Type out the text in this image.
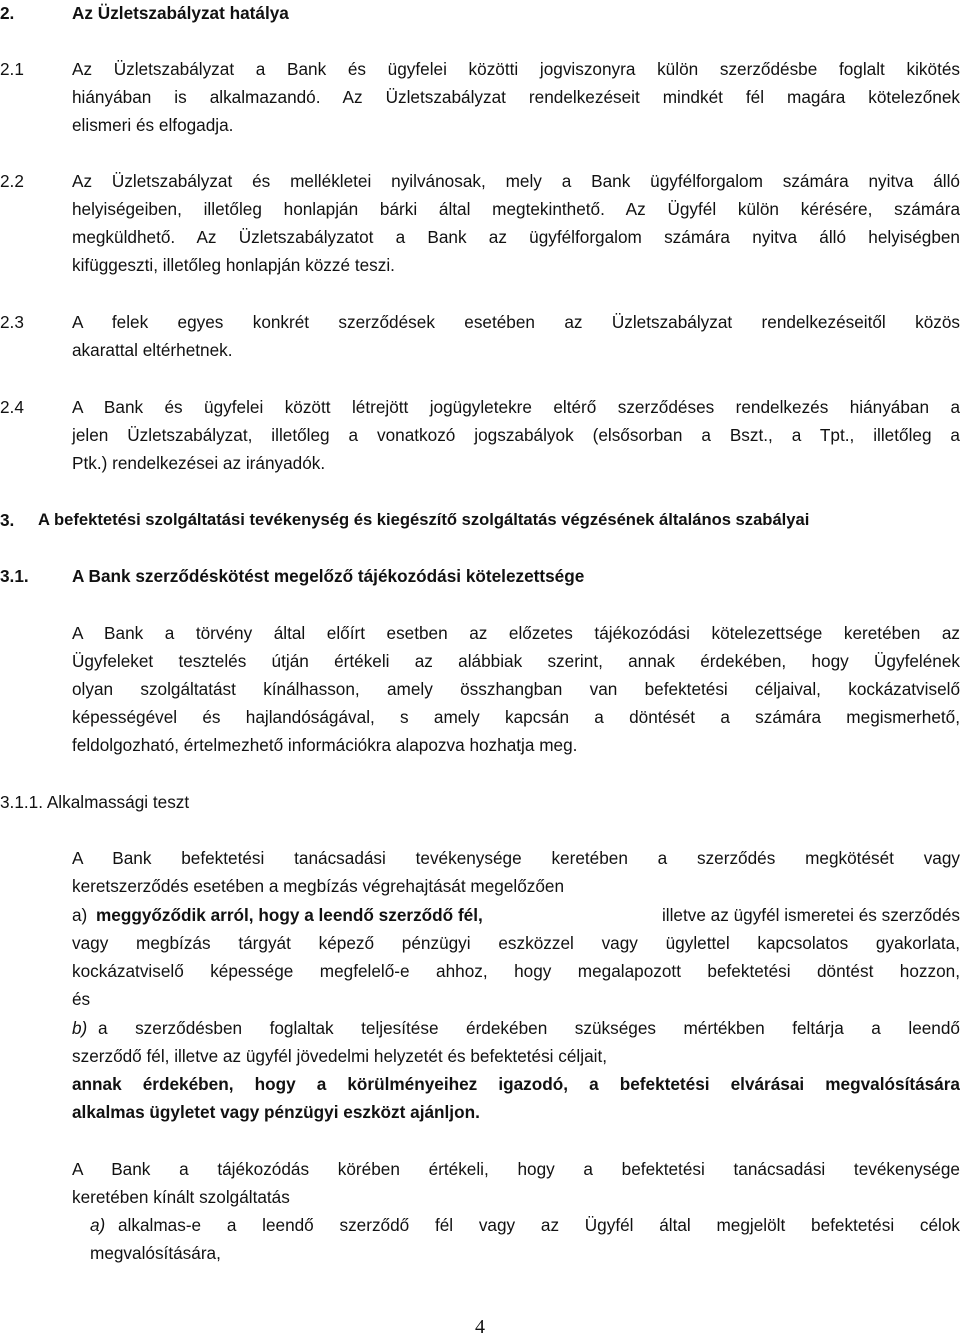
2.	Az Üzletszabályzat hatálya
2.1	Az Üzletszabályzat a Bank és ügyfelei közötti jogviszonyra külön szerződésbe foglalt kikötés
hiányában is alkalmazandó. Az Üzletszabályzat rendelkezéseit mindkét fél magára kötelezőnek
elismeri és elfogadja.
2.2	Az Üzletszabályzat és mellékletei nyilvánosak, mely a Bank ügyfélforgalom számára nyitva álló
helyiségeiben, illetőleg honlapján bárki által megtekinthető. Az Ügyfél külön kérésére, számára
megküldhető. Az Üzletszabályzatot a Bank az ügyfélforgalom számára nyitva álló helyiségben
kifüggeszti, illetőleg honlapján közzé teszi.
2.3	A felek egyes konkrét szerződések esetében az Üzletszabályzat rendelkezéseitől közös
akarattal eltérhetnek.
2.4	A Bank és ügyfelei között létrejött jogügyletekre eltérő szerződéses rendelkezés hiányában a
jelen Üzletszabályzat, illetőleg a vonatkozó jogszabályok (elsősorban a Bszt., a Tpt., illetőleg a
Ptk.) rendelkezései az irányadók.
3. A befektetési szolgáltatási tevékenység és kiegészítő szolgáltatás végzésének általános szabályai
3.1.	A Bank szerződéskötést megelőző tájékozódási kötelezettsége
A Bank a törvény által előírt esetben az előzetes tájékozódási kötelezettsége keretében az
Ügyfeleket tesztelés útján értékeli az alábbiak szerint, annak érdekében, hogy Ügyfelének
olyan szolgáltatást kínálhasson, amely összhangban van befektetési céljaival, kockázatviselő
képességével és hajlandóságával, s amely kapcsán a döntését a számára megismerhető,
feldolgozható, értelmezhető információkra alapozva hozhatja meg.
3.1.1. Alkalmassági teszt
A Bank befektetési tanácsadási tevékenysége keretében a szerződés megkötését vagy
keretszerződés esetében a megbízás végrehajtását megelőzően
a) meggyőződik arról, hogy a leendő szerződő fél,	illetve az ügyfél ismeretei és szerződés
vagy megbízás tárgyát képező pénzügyi eszközzel vagy ügylettel kapcsolatos gyakorlata,
kockázatviselő képessége megfelelő-e ahhoz, hogy megalapozott befektetési döntést hozzon,
és
b) a szerződésben foglaltak teljesítése érdekében szükséges mértékben feltárja a leendő
szerződő fél, illetve az ügyfél jövedelmi helyzetét és befektetési céljait,
annak érdekében, hogy a körülményeihez igazodó, a befektetési elvárásai megvalósítására
alkalmas ügyletet vagy pénzügyi eszközt ajánljon.
A Bank a tájékozódás körében értékeli, hogy a befektetési tanácsadási tevékenysége
keretében kínált szolgáltatás
a) alkalmas-e a leendő szerződő fél vagy az Ügyfél által megjelölt befektetési célok
megvalósítására,
4
